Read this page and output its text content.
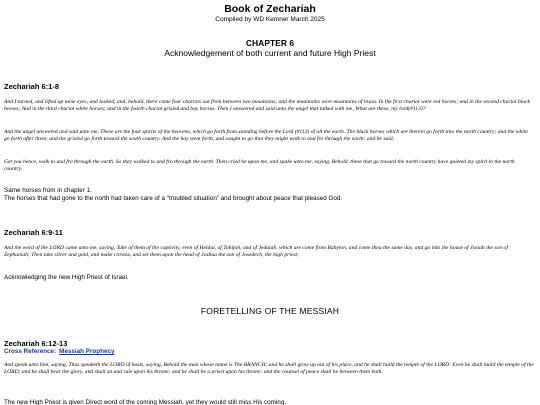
Book of Zechariah
Compiled by WD Kemner March 2025
CHAPTER 6
Acknowledgement of both current and future High Priest
Zechariah 6:1-8
And I turned, and lifted up mine eyes, and looked, and, behold, there came four chariots out from between two mountains; and the mountains were mountains of brass. In the first chariot were red horses; and in the second chariot black horses; And in the third chariot white horses; and in the fourth chariot grisled and bay horses. Then I answered and said unto the angel that talked with me, What are these, my lord(#113)?
And the angel answered and said unto me, These are the four spirits of the heavens, which go forth from standing before the Lord (#113) of all the earth. The black horses which are therein go forth into the north country; and the white go forth after them; and the grisled go forth toward the south country. And the bay went forth, and sought to go that they might walk to and fro through the earth: and he said,
Get you hence, walk to and fro through the earth. So they walked to and fro through the earth. Then cried he upon me, and spake unto me, saying, Behold, these that go toward the north country have quieted my spirit in the north country.
Same horses from in chapter 1.
The horses that had gone to the north had taken care of a “troubled situation” and brought about peace that pleased God.
Zechariah 6:9-11
And the word of the LORD came unto me, saying, Take of them of the captivity, even of Heldai, of Tobijah, and of Jedaiah, which are come from Babylon, and come thou the same day, and go into the house of Josiah the son of Zephaniah; Then take silver and gold, and make crowns, and set them upon the head of Joshua the son of Josedech, the high priest;
Acknowledging the new High Priest of Israel.
FORETELLING OF THE MESSIAH
Zechariah 6:12-13
Cross Reference: Messiah Prophecy
And speak unto him, saying, Thus speaketh the LORD of hosts, saying, Behold the man whose name is The BRANCH; and he shall grow up out of his place, and he shall build the temple of the LORD: Even he shall build the temple of the LORD; and he shall bear the glory, and shall sit and rule upon his throne; and he shall be a priest upon his throne: and the counsel of peace shall be between them both.
The new High Priest is given Direct word of the coming Messiah, yet they would still miss His coming.
